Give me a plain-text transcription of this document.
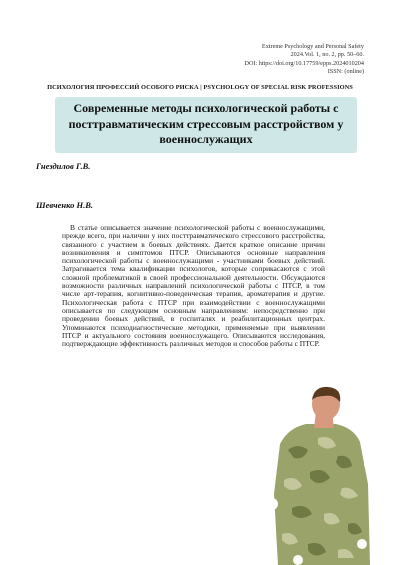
Extreme Psychology and Personal Safety
2024.Vol. 1, no. 2, pp. 50–60.
DOI: https://doi.org/10.17759/epps.2024010204
ISSN: (online)
ПСИХОЛОГИЯ ПРОФЕССИЙ ОСОБОГО РИСКА | PSYCHOLOGY OF SPECIAL RISK PROFESSIONS
Современные методы психологической работы с посттравматическим стрессовым расстройством у военнослужащих
Гнездилов Г.В.
Шевченко Н.В.
В статье описывается значение психологической работы с военнослужащими, прежде всего, при наличии у них посттравматического стрессового расстройства, связанного с участием в боевых действиях. Дается краткое описание причин возникновения и симптомов ПТСР. Описываются основные направления психологической работы с военнослужащими - участниками боевых действий. Затрагивается тема квалификации психологов, которые соприкасаются с этой сложной проблематикой в своей профессиональной деятельности. Обсуждаются возможности различных направлений психологической работы с ПТСР, в том числе арт-терапия, когнитивно-поведенческая терапия, ароматерапия и другие. Психологическая работа с ПТСР при взаимодействии с военнослужащими описывается по следующим основным направлениям: непосредственно при проведении боевых действий, в госпиталях и реабилитационных центрах. Упоминаются психодиагностические методики, применяемые при выявлении ПТСР и актуального состояния военнослужащего. Описываются исследования, подтверждающие эффективность различных методов и способов работы с ПТСР.
